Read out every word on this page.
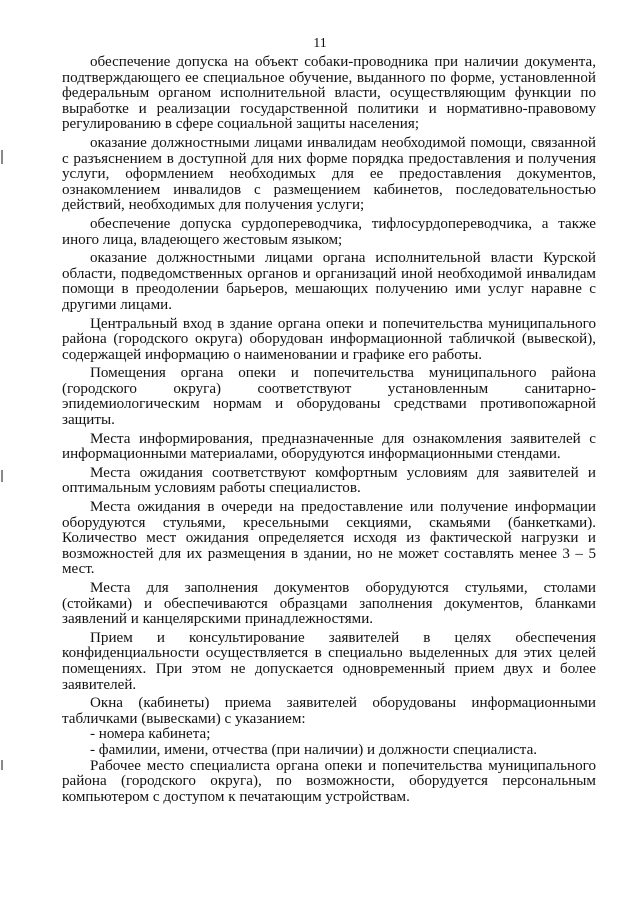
11

обеспечение допуска на объект собаки-проводника при наличии документа, подтверждающего ее специальное обучение, выданного по форме, установленной федеральным органом исполнительной власти, осуществляющим функции по выработке и реализации государственной политики и нормативно-правовому регулированию в сфере социальной защиты населения;

оказание должностными лицами инвалидам необходимой помощи, связанной с разъяснением в доступной для них форме порядка предоставления и получения услуги, оформлением необходимых для ее предоставления документов, ознакомлением инвалидов с размещением кабинетов, последовательностью действий, необходимых для получения услуги;

обеспечение допуска сурдопереводчика, тифлосурдопереводчика, а также иного лица, владеющего жестовым языком;

оказание должностными лицами органа исполнительной власти Курской области, подведомственных органов и организаций иной необходимой инвалидам помощи в преодолении барьеров, мешающих получению ими услуг наравне с другими лицами.

Центральный вход в здание органа опеки и попечительства муниципального района (городского округа) оборудован информационной табличкой (вывеской), содержащей информацию о наименовании и графике его работы.

Помещения органа опеки и попечительства муниципального района (городского округа) соответствуют установленным санитарно-эпидемиологическим нормам и оборудованы средствами противопожарной защиты.

Места информирования, предназначенные для ознакомления заявителей с информационными материалами, оборудуются информационными стендами.

Места ожидания соответствуют комфортным условиям для заявителей и оптимальным условиям работы специалистов.

Места ожидания в очереди на предоставление или получение информации оборудуются стульями, кресельными секциями, скамьями (банкетками). Количество мест ожидания определяется исходя из фактической нагрузки и возможностей для их размещения в здании, но не может составлять менее 3 – 5 мест.

Места для заполнения документов оборудуются стульями, столами (стойками) и обеспечиваются образцами заполнения документов, бланками заявлений и канцелярскими принадлежностями.

Прием и консультирование заявителей в целях обеспечения конфиденциальности осуществляется в специально выделенных для этих целей помещениях. При этом не допускается одновременный прием двух и более заявителей.

Окна (кабинеты) приема заявителей оборудованы информационными табличками (вывесками) с указанием:

- номера кабинета;

- фамилии, имени, отчества (при наличии) и должности специалиста.

Рабочее место специалиста органа опеки и попечительства муниципального района (городского округа), по возможности, оборудуется персональным компьютером с доступом к печатающим устройствам.
